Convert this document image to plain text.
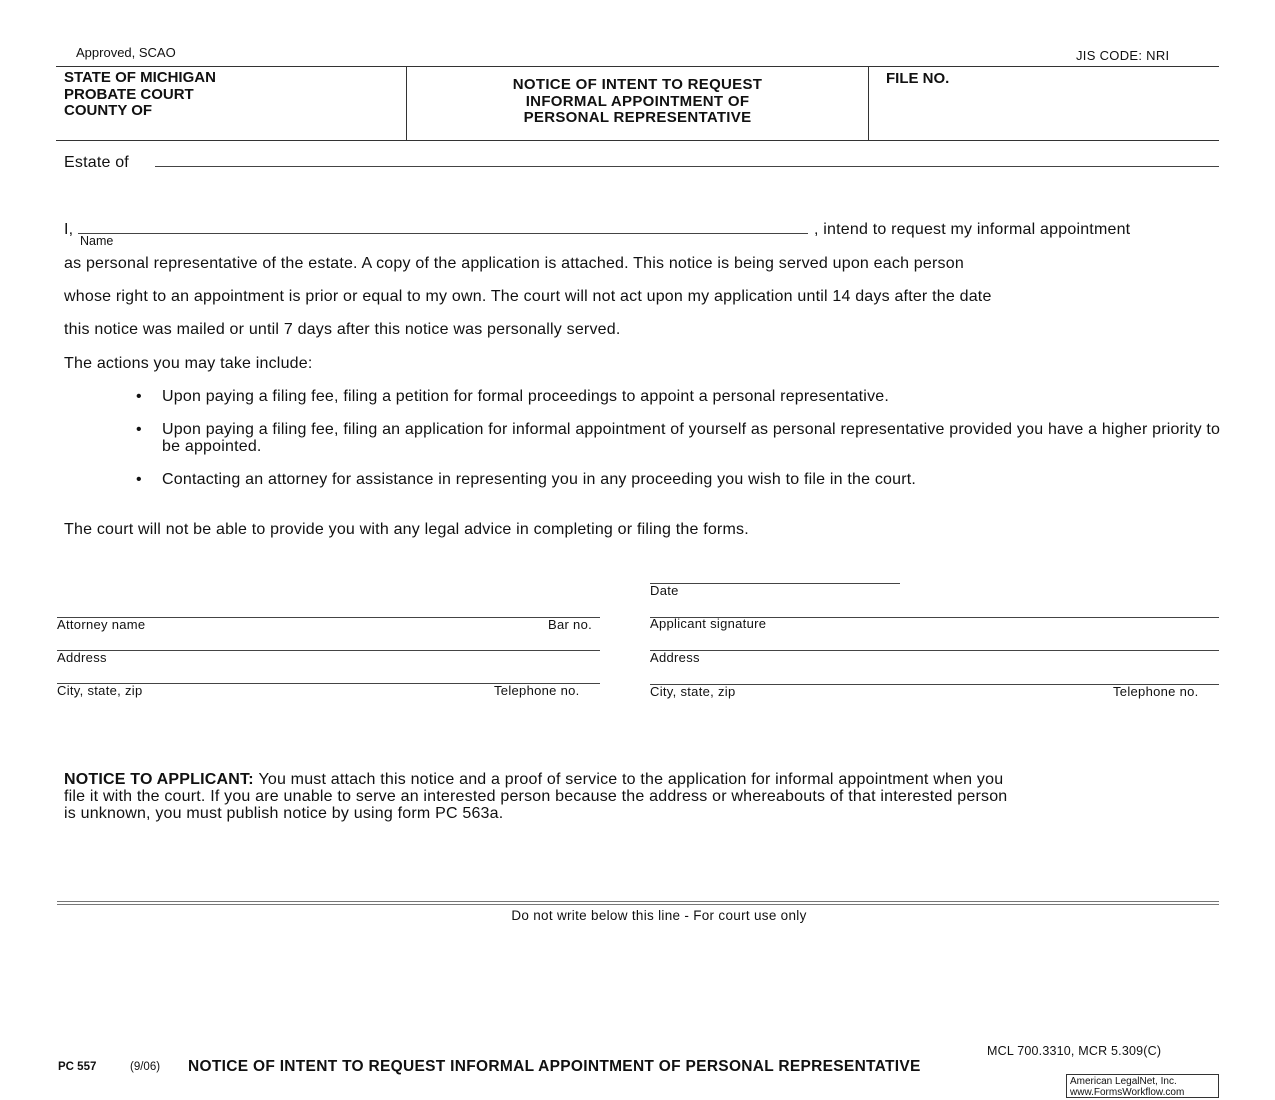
Approved, SCAO	JIS CODE: NRI
STATE OF MICHIGAN
PROBATE COURT
COUNTY OF
NOTICE OF INTENT TO REQUEST
INFORMAL APPOINTMENT OF
PERSONAL REPRESENTATIVE
FILE NO.
Estate of
I,
Name
, intend to request my informal appointment
as personal representative of the estate. A copy of the application is attached. This notice is being served upon each person
whose right to an appointment is prior or equal to my own. The court will not act upon my application until 14 days after the date
this notice was mailed or until 7 days after this notice was personally served.
The actions you may take include:
• Upon paying a filing fee, filing a petition for formal proceedings to appoint a personal representative.
• Upon paying a filing fee, filing an application for informal appointment of yourself as personal representative provided you have a higher priority to be appointed.
• Contacting an attorney for assistance in representing you in any proceeding you wish to file in the court.
The court will not be able to provide you with any legal advice in completing or filing the forms.
Date
Attorney name	Bar no.	Applicant signature
Address	Address
City, state, zip	Telephone no.	City, state, zip	Telephone no.
NOTICE TO APPLICANT: You must attach this notice and a proof of service to the application for informal appointment when you
file it with the court. If you are unable to serve an interested person because the address or whereabouts of that interested person
is unknown, you must publish notice by using form PC 563a.
Do not write below this line - For court use only
MCL 700.3310, MCR 5.309(C)
PC 557	(9/06) NOTICE OF INTENT TO REQUEST INFORMAL APPOINTMENT OF PERSONAL REPRESENTATIVE
American LegalNet, Inc.
www.FormsWorkflow.com
